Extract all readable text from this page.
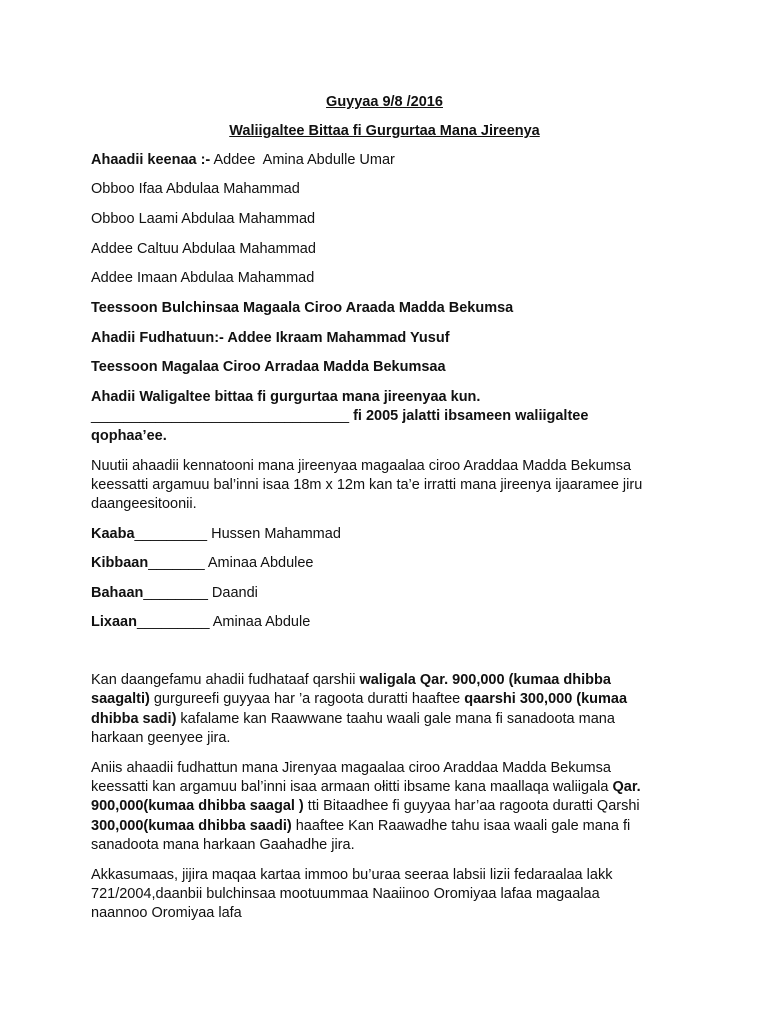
Guyyaa 9/8 /2016
Waliigaltee Bittaa fi Gurgurtaa Mana Jireenya
Ahaadii keenaa :- Addee  Amina Abdulle Umar
Obboo Ifaa Abdulaa Mahammad
Obboo Laami Abdulaa Mahammad
Addee Caltuu Abdulaa Mahammad
Addee Imaan Abdulaa Mahammad
Teessoon Bulchinsaa Magaala Ciroo Araada Madda Bekumsa
Ahadii Fudhatuun:- Addee Ikraam Mahammad Yusuf
Teessoon Magalaa Ciroo Arradaa Madda Bekumsaa
Ahadii Waligaltee bittaa fi gurgurtaa mana jireenyaa kun.
________________________________ fi 2005 jalatti ibsameen waliigaltee
qophaa’ee.
Nuutii ahaadii kennatooni mana jireenyaa magaalaa ciroo Araddaa Madda Bekumsa
keessatti argamuu bal’inni isaa 18m x 12m kan ta’e irratti mana jireenya ijaaramee jiru
daangeesitoonii.
Kaaba_________ Hussen Mahammad
Kibbaan_______ Aminaa Abdulee
Bahaan________ Daandi
Lixaan_________ Aminaa Abdule
Kan daangefamu ahadii fudhataaf qarshii waligala Qar. 900,000 (kumaa dhibba
saagalti) gurgureefi guyyaa har ’a ragoota duratti haaftee qaarshi 300,000 (kumaa
dhibba sadi) kafalame kan Raawwane taahu waali gale mana fi sanadoota mana
harkaan geenyee jira.
Aniis ahaadii fudhattun mana Jirenyaa magaalaa ciroo Araddaa Madda Bekumsa
keessatti kan argamuu bal’inni isaa armaan ołitti ibsame kana maallaqa waliigala Qar.
900,000(kumaa dhibba saagal ) tti Bitaadhee fi guyyaa har’aa ragoota duratti Qarshi
300,000(kumaa dhibba saadi) haaftee Kan Raawadhe tahu isaa waali gale mana fi
sanadoota mana harkaan Gaahadhe jira.
Akkasumaas, jijira maqaa kartaa immoo bu’uraa seeraa labsii lizii fedaraalaa lakk
721/2004,daanbii bulchinsaa mootuummaa Naaiinoo Oromiyaa lafaa magaalaa
naannoo Oromiyaa lafa
